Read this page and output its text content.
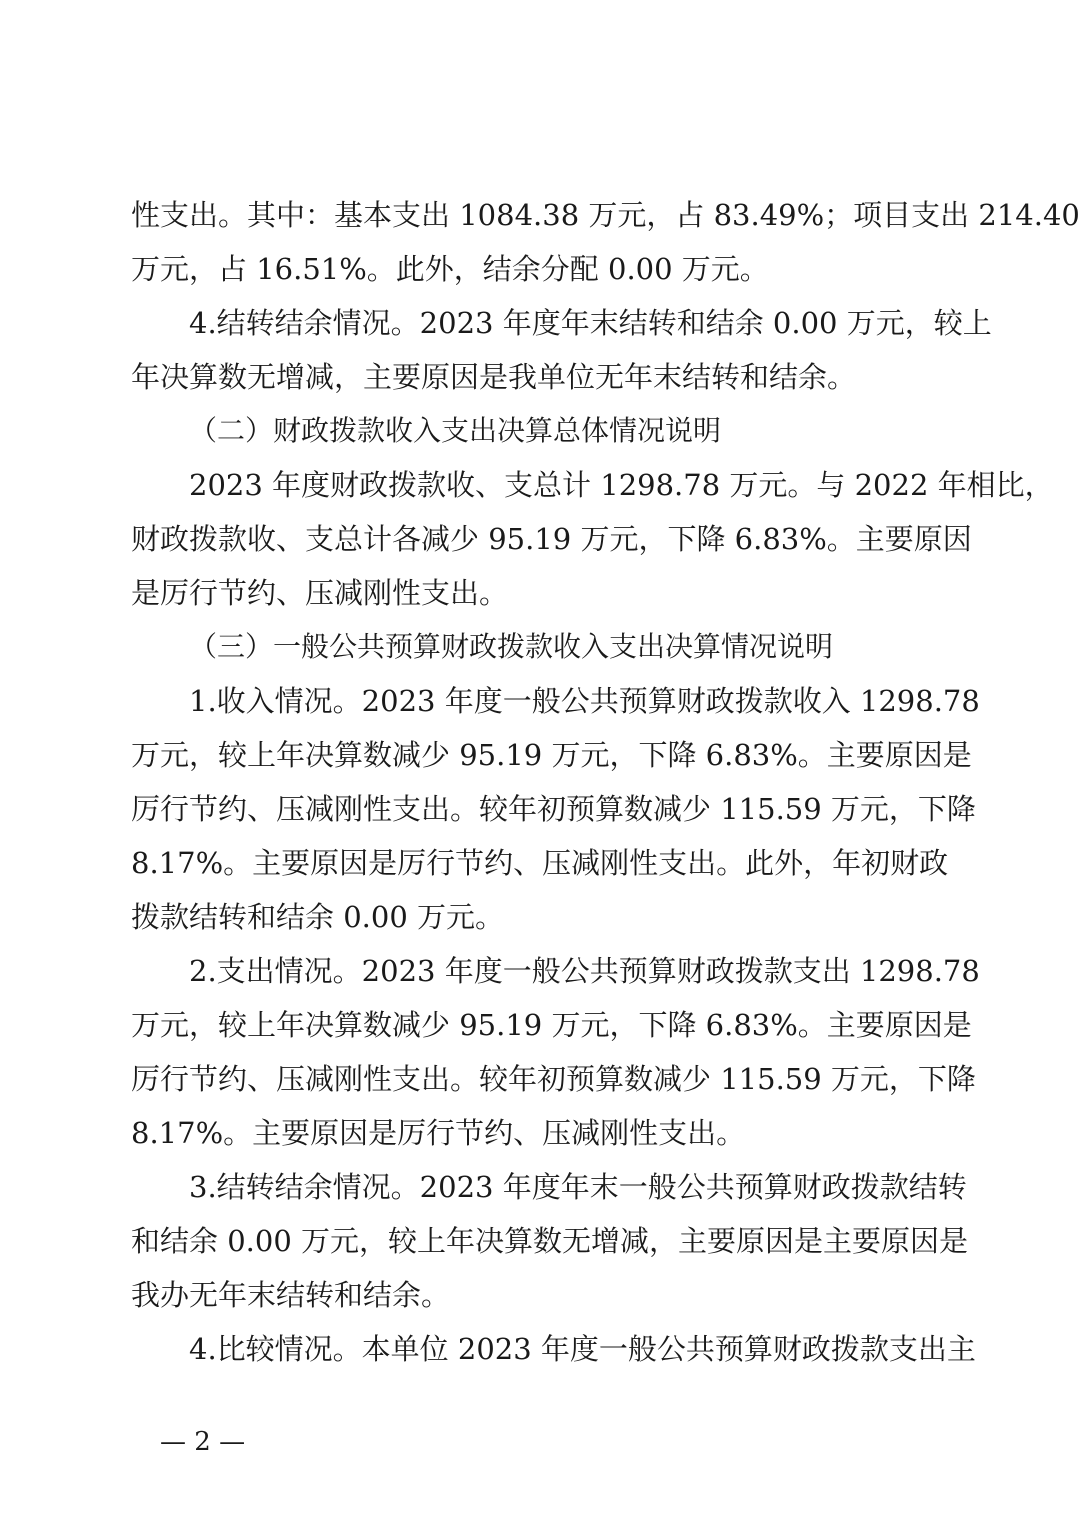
性支出。其中：基本支出 1084.38 万元，占 83.49%；项目支出 214.40
万元，占 16.51%。此外，结余分配 0.00 万元。
4.结转结余情况。2023 年度年末结转和结余 0.00 万元，较上
年决算数无增减，主要原因是我单位无年末结转和结余。
（二）财政拨款收入支出决算总体情况说明
2023 年度财政拨款收、支总计 1298.78 万元。与 2022 年相比，
财政拨款收、支总计各减少 95.19 万元，下降 6.83%。主要原因
是厉行节约、压减刚性支出。
（三）一般公共预算财政拨款收入支出决算情况说明
1.收入情况。2023 年度一般公共预算财政拨款收入 1298.78
万元，较上年决算数减少 95.19 万元，下降 6.83%。主要原因是
厉行节约、压减刚性支出。较年初预算数减少 115.59 万元，下降
8.17%。主要原因是厉行节约、压减刚性支出。此外，年初财政
拨款结转和结余 0.00 万元。
2.支出情况。2023 年度一般公共预算财政拨款支出 1298.78
万元，较上年决算数减少 95.19 万元，下降 6.83%。主要原因是
厉行节约、压减刚性支出。较年初预算数减少 115.59 万元，下降
8.17%。主要原因是厉行节约、压减刚性支出。
3.结转结余情况。2023 年度年末一般公共预算财政拨款结转
和结余 0.00 万元，较上年决算数无增减，主要原因是主要原因是
我办无年末结转和结余。
4.比较情况。本单位 2023 年度一般公共预算财政拨款支出主
— 2 —
